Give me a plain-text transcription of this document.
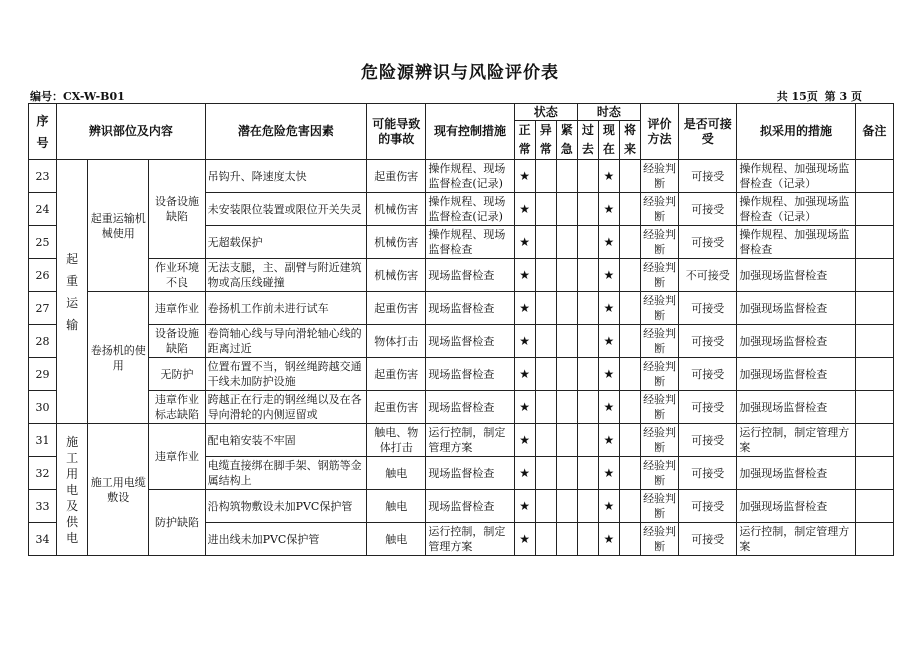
危险源辨识与风险评价表
编号：CX-W-B01	共 15页 第 3 页
序号	辨识部位及内容			潜在危险危害因素	可能导致的事故	现有控制措施	状态			时态			评价方法	是否可接受	拟采用的措施	备注

							正常	异常	紧急	过去	现在	将来				

23	起重运输	起重运输机械使用	设备设施缺陷	吊钩升、降速度太快	起重伤害	操作规程、现场监督检查(记录)	★				★		经验判断	可接受	操作规程、加强现场监督检查（记录）	
24				未安装限位装置或限位开关失灵	机械伤害	操作规程、现场监督检查(记录)	★				★		经验判断	可接受	操作规程、加强现场监督检查（记录）	
25				无超载保护	机械伤害	操作规程、现场监督检查	★				★		经验判断	可接受	操作规程、加强现场监督检查	
26			作业环境不良	无法支腿，主、副臂与附近建筑物或高压线碰撞	机械伤害	现场监督检查	★				★		经验判断	不可接受	加强现场监督检查	
27		卷扬机的使用	违章作业	卷扬机工作前未进行试车	起重伤害	现场监督检查	★				★		经验判断	可接受	加强现场监督检查	
28			设备设施缺陷	卷筒轴心线与导向滑轮轴心线的距离过近	物体打击	现场监督检查	★				★		经验判断	可接受	加强现场监督检查	
29			无防护	位置布置不当，钢丝绳跨越交通干线未加防护设施	起重伤害	现场监督检查	★				★		经验判断	可接受	加强现场监督检查	
30			违章作业标志缺陷	跨越正在行走的钢丝绳以及在各导向滑轮的内侧逗留或	起重伤害	现场监督检查	★				★		经验判断	可接受	加强现场监督检查	
31	施工用电及供电	施工用电缆敷设	违章作业	配电箱安装不牢固	触电、物体打击	运行控制，制定管理方案	★				★		经验判断	可接受	运行控制，制定管理方案	
32				电缆直接绑在脚手架、钢筋等金属结构上	触电	现场监督检查	★				★		经验判断	可接受	加强现场监督检查	
33			防护缺陷	沿构筑物敷设未加PVC保护管	触电	现场监督检查	★				★		经验判断	可接受	加强现场监督检查	
34				进出线未加PVC保护管	触电	运行控制，制定管理方案	★				★		经验判断	可接受	运行控制，制定管理方案	
